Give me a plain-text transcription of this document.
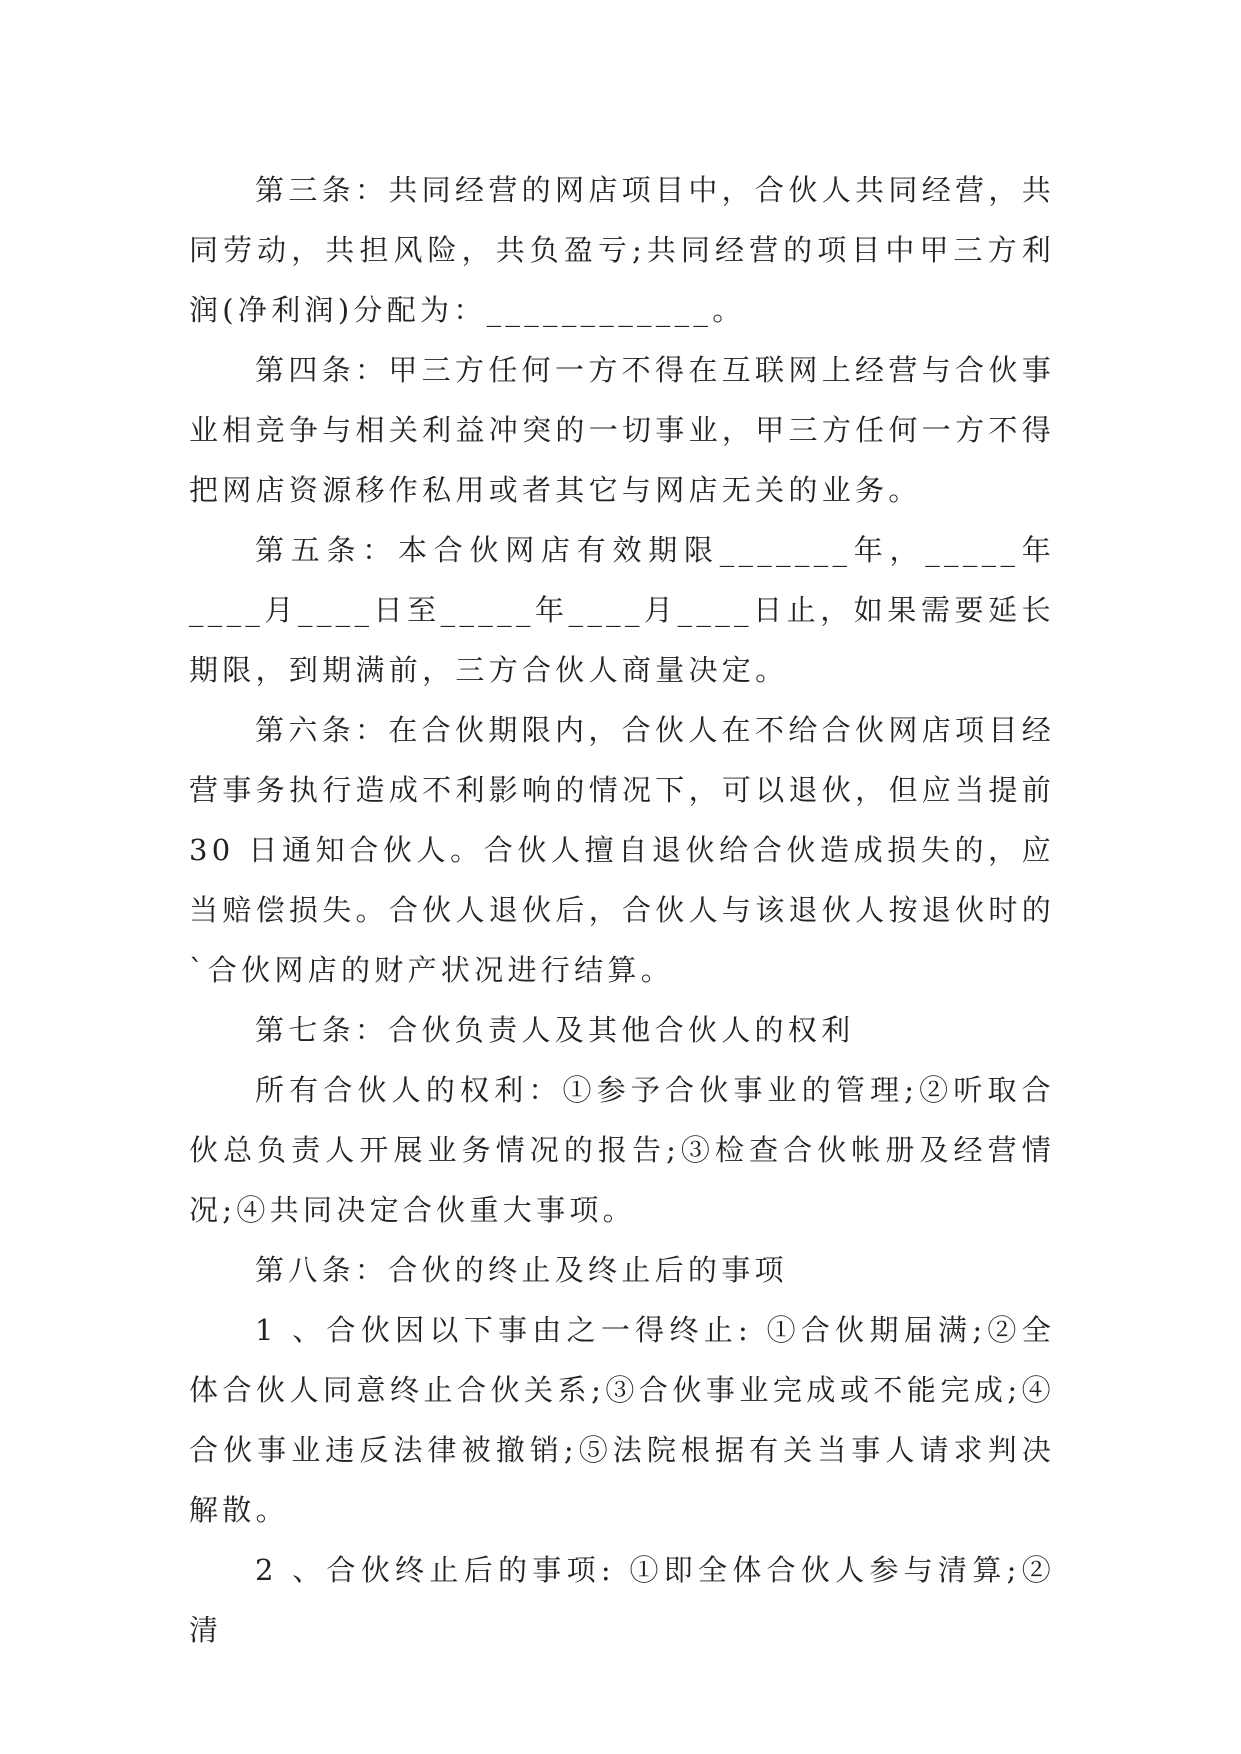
第三条：共同经营的网店项目中，合伙人共同经营，共同劳动，共担风险，共负盈亏;共同经营的项目中甲三方利润(净利润)分配为：____________。

第四条：甲三方任何一方不得在互联网上经营与合伙事业相竞争与相关利益冲突的一切事业，甲三方任何一方不得把网店资源移作私用或者其它与网店无关的业务。

第五条：本合伙网店有效期限_______年，_____年____月____日至_____年____月____日止，如果需要延长期限，到期满前，三方合伙人商量决定。

第六条：在合伙期限内，合伙人在不给合伙网店项目经营事务执行造成不利影响的情况下，可以退伙，但应当提前30 日通知合伙人。合伙人擅自退伙给合伙造成损失的，应当赔偿损失。合伙人退伙后，合伙人与该退伙人按退伙时的`合伙网店的财产状况进行结算。

第七条：合伙负责人及其他合伙人的权利

所有合伙人的权利：①参予合伙事业的管理;②听取合伙总负责人开展业务情况的报告;③检查合伙帐册及经营情况;④共同决定合伙重大事项。

第八条：合伙的终止及终止后的事项

1 、合伙因以下事由之一得终止: ①合伙期届满;②全体合伙人同意终止合伙关系;③合伙事业完成或不能完成;④合伙事业违反法律被撤销;⑤法院根据有关当事人请求判决解散。

2 、合伙终止后的事项: ①即全体合伙人参与清算;②清
